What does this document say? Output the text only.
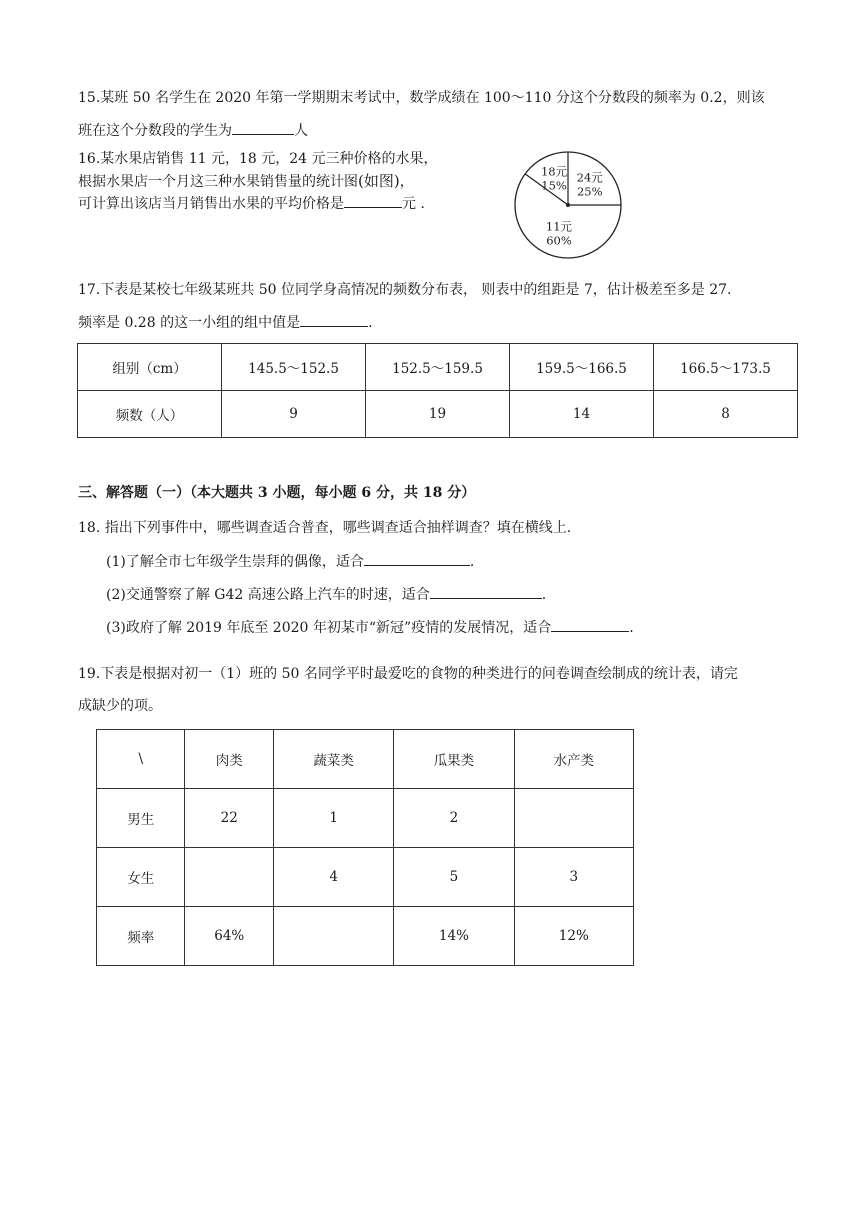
15.某班 50 名学生在 2020 年第一学期期末考试中，数学成绩在 100～110 分这个分数段的频率为 0.2，则该
班在这个分数段的学生为	人
16.某水果店销售 11 元，18 元，24 元三种价格的水果，
根据水果店一个月这三种水果销售量的统计图(如图)，
可计算出该店当月销售出水果的平均价格是	元 ．
24元
25%
11元
60%
18元
15%
17.下表是某校七年级某班共 50 位同学身高情况的频数分布表， 则表中的组距是 7，估计极差至多是 27.
频率是 0.28 的这一小组的组中值是	.
组别（cm）	145.5～152.5	152.5～159.5	159.5～166.5	166.5～173.5
频数（人）	9	19	14	8
三、解答题（一）（本大题共 3 小题，每小题 6 分，共 18 分）
18. 指出下列事件中，哪些调查适合普查，哪些调查适合抽样调查？填在横线上.
(1)了解全市七年级学生崇拜的偶像，适合	.
(2)交通警察了解 G42 高速公路上汽车的时速，适合	.
(3)政府了解 2019 年底至 2020 年初某市“新冠”疫情的发展情况，适合	.
19.下表是根据对初一（1）班的 50 名同学平时最爱吃的食物的种类进行的问卷调查绘制成的统计表，请完
成缺少的项。
\	肉类	蔬菜类	瓜果类	水产类
男生	22	1	2	
女生		4	5	3
频率	64%		14%	12%
